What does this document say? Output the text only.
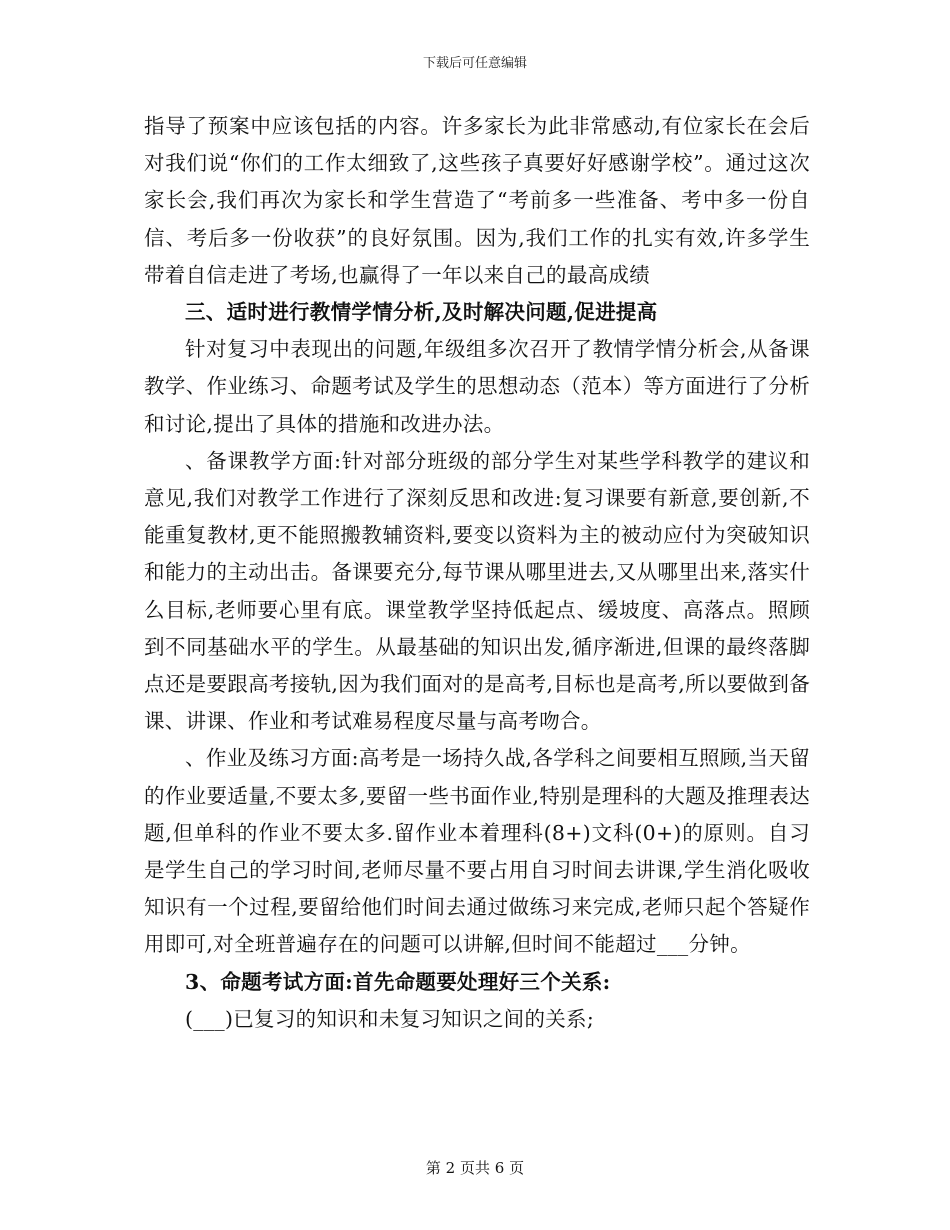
下载后可任意编辑

指导了预案中应该包括的内容。许多家长为此非常感动,有位家长在会后对我们说“你们的工作太细致了,这些孩子真要好好感谢学校”。通过这次家长会,我们再次为家长和学生营造了“考前多一些准备、考中多一份自信、考后多一份收获”的良好氛围。因为,我们工作的扎实有效,许多学生带着自信走进了考场,也赢得了一年以来自己的最高成绩

三、适时进行教情学情分析,及时解决问题,促进提高

针对复习中表现出的问题,年级组多次召开了教情学情分析会,从备课教学、作业练习、命题考试及学生的思想动态（范本）等方面进行了分析和讨论,提出了具体的措施和改进办法。

、备课教学方面:针对部分班级的部分学生对某些学科教学的建议和意见,我们对教学工作进行了深刻反思和改进:复习课要有新意,要创新,不能重复教材,更不能照搬教辅资料,要变以资料为主的被动应付为突破知识和能力的主动出击。备课要充分,每节课从哪里进去,又从哪里出来,落实什么目标,老师要心里有底。课堂教学坚持低起点、缓坡度、高落点。照顾到不同基础水平的学生。从最基础的知识出发,循序渐进,但课的最终落脚点还是要跟高考接轨,因为我们面对的是高考,目标也是高考,所以要做到备课、讲课、作业和考试难易程度尽量与高考吻合。

、作业及练习方面:高考是一场持久战,各学科之间要相互照顾,当天留的作业要适量,不要太多,要留一些书面作业,特别是理科的大题及推理表达题,但单科的作业不要太多.留作业本着理科(8+)文科(0+)的原则。自习是学生自己的学习时间,老师尽量不要占用自习时间去讲课,学生消化吸收知识有一个过程,要留给他们时间去通过做练习来完成,老师只起个答疑作用即可,对全班普遍存在的问题可以讲解,但时间不能超过___分钟。

3、命题考试方面:首先命题要处理好三个关系:

(___)已复习的知识和未复习知识之间的关系;

第 2 页共 6 页
